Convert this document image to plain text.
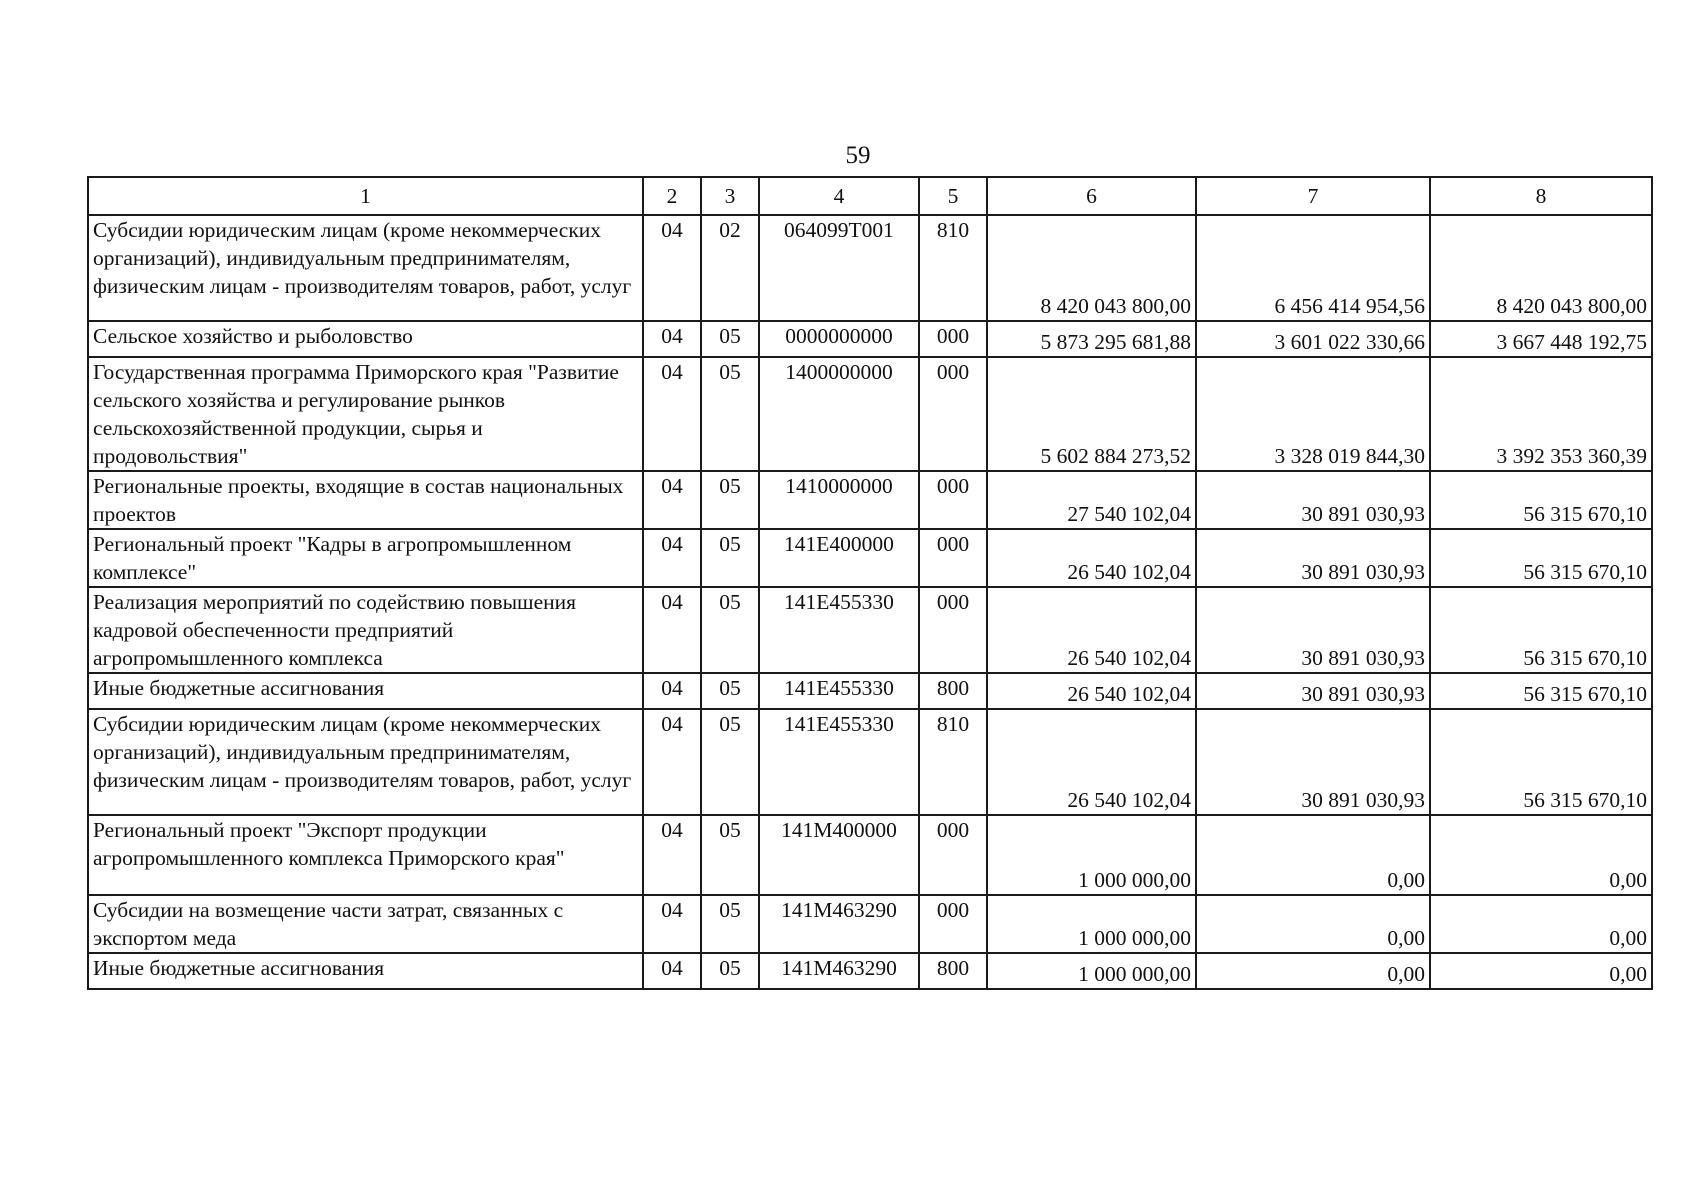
59
1	2	3	4	5	6	7	8
Субсидии юридическим лицам (кроме некоммерческих организаций), индивидуальным предпринимателям, физическим лицам - производителям товаров, работ, услуг	04	02	064099Т001	810	8 420 043 800,00	6 456 414 954,56	8 420 043 800,00
Сельское хозяйство и рыболовство	04	05	0000000000	000	5 873 295 681,88	3 601 022 330,66	3 667 448 192,75
Государственная программа Приморского края "Развитие сельского хозяйства и регулирование рынков сельскохозяйственной продукции, сырья и продовольствия"	04	05	1400000000	000	5 602 884 273,52	3 328 019 844,30	3 392 353 360,39
Региональные проекты, входящие в состав национальных проектов	04	05	1410000000	000	27 540 102,04	30 891 030,93	56 315 670,10
Региональный проект "Кадры в агропромышленном комплексе"	04	05	141Е400000	000	26 540 102,04	30 891 030,93	56 315 670,10
Реализация мероприятий по содействию повышения кадровой обеспеченности предприятий агропромышленного комплекса	04	05	141Е455330	000	26 540 102,04	30 891 030,93	56 315 670,10
Иные бюджетные ассигнования	04	05	141Е455330	800	26 540 102,04	30 891 030,93	56 315 670,10
Субсидии юридическим лицам (кроме некоммерческих организаций), индивидуальным предпринимателям, физическим лицам - производителям товаров, работ, услуг	04	05	141Е455330	810	26 540 102,04	30 891 030,93	56 315 670,10
Региональный проект "Экспорт продукции агропромышленного комплекса Приморского края"	04	05	141M400000	000	1 000 000,00	0,00	0,00
Субсидии на возмещение части затрат, связанных с экспортом меда	04	05	141M463290	000	1 000 000,00	0,00	0,00
Иные бюджетные ассигнования	04	05	141M463290	800	1 000 000,00	0,00	0,00
